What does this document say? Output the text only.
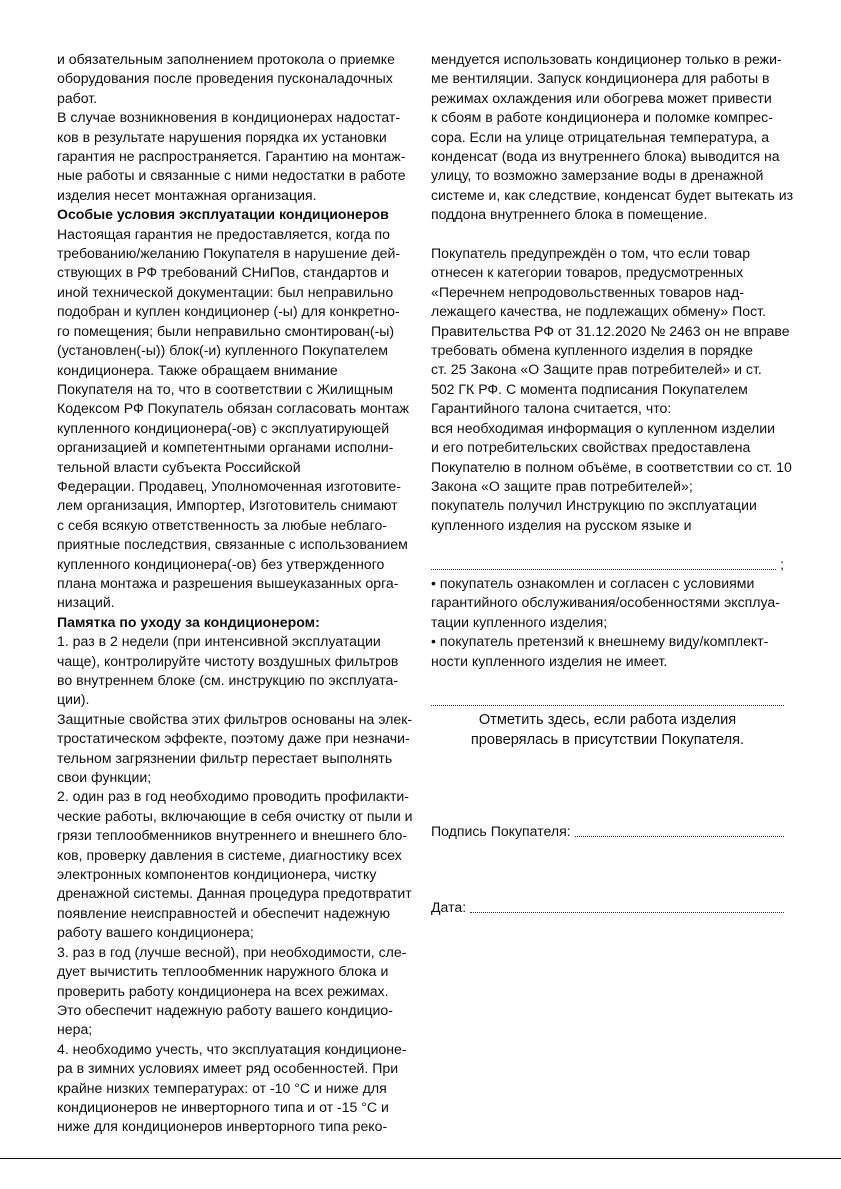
и обязательным заполнением протокола о приемке
оборудования после проведения пусконаладочных
работ.
В случае возникновения в кондиционерах надостат-
ков в результате нарушения порядка их установки
гарантия не распространяется. Гарантию на монтаж-
ные работы и связанные с ними недостатки в работе
изделия несет монтажная организация.
Особые условия эксплуатации кондиционеров
Настоящая гарантия не предоставляется, когда по
требованию/желанию Покупателя в нарушение дей-
ствующих в РФ требований СНиПов, стандартов и
иной технической документации: был неправильно
подобран и куплен кондиционер (-ы) для конкретно-
го помещения; были неправильно смонтирован(-ы)
(установлен(-ы)) блок(-и) купленного Покупателем
кондиционера. Также обращаем внимание
Покупателя на то, что в соответствии с Жилищным
Кодексом РФ Покупатель обязан согласовать монтаж
купленного кондиционера(-ов) с эксплуатирующей
организацией и компетентными органами исполни-
тельной власти субъекта Российской
Федерации. Продавец, Уполномоченная изготовите-
лем организация, Импортер, Изготовитель снимают
с себя всякую ответственность за любые неблаго-
приятные последствия, связанные с использованием
купленного кондиционера(-ов) без утвержденного
плана монтажа и разрешения вышеуказанных орга-
низаций.
Памятка по уходу за кондиционером:
1. раз в 2 недели (при интенсивной эксплуатации
чаще), контролируйте чистоту воздушных фильтров
во внутреннем блоке (см. инструкцию по эксплуата-
ции).
Защитные свойства этих фильтров основаны на элек-
тростатическом эффекте, поэтому даже при незначи-
тельном загрязнении фильтр перестает выполнять
свои функции;
2. один раз в год необходимо проводить профилакти-
ческие работы, включающие в себя очистку от пыли и
грязи теплообменников внутреннего и внешнего бло-
ков, проверку давления в системе, диагностику всех
электронных компонентов кондиционера, чистку
дренажной системы. Данная процедура предотвратит
появление неисправностей и обеспечит надежную
работу вашего кондиционера;
3. раз в год (лучше весной), при необходимости, сле-
дует вычистить теплообменник наружного блока и
проверить работу кондиционера на всех режимах.
Это обеспечит надежную работу вашего кондицио-
нера;
4. необходимо учесть, что эксплуатация кондиционе-
ра в зимних условиях имеет ряд особенностей. При
крайне низких температурах: от -10 °С и ниже для
кондиционеров не инверторного типа и от -15 °С и
ниже для кондиционеров инверторного типа реко-
мендуется использовать кондиционер только в режи-
ме вентиляции. Запуск кондиционера для работы в
режимах охлаждения или обогрева может привести
к сбоям в работе кондиционера и поломке компрес-
сора. Если на улице отрицательная температура, а
конденсат (вода из внутреннего блока) выводится на
улицу, то возможно замерзание воды в дренажной
системе и, как следствие, конденсат будет вытекать из
поддона внутреннего блока в помещение.
Покупатель предупреждён о том, что если товар
отнесен к категории товаров, предусмотренных
«Перечнем непродовольственных товаров над-
лежащего качества, не подлежащих обмену» Пост.
Правительства РФ от 31.12.2020 № 2463 он не вправе
требовать обмена купленного изделия в порядке
ст. 25 Закона «О Защите прав потребителей» и ст.
502 ГК РФ. С момента подписания Покупателем
Гарантийного талона считается, что:
вся необходимая информация о купленном изделии
и его потребительских свойствах предоставлена
Покупателю в полном объёме, в соответствии со ст. 10
Закона «О защите прав потребителей»;
покупатель получил Инструкцию по эксплуатации
купленного изделия на русском языке и
;
• покупатель ознакомлен и согласен с условиями
гарантийного обслуживания/особенностями эксплуа-
тации купленного изделия;
• покупатель претензий к внешнему виду/комплект-
ности купленного изделия не имеет.
Отметить здесь, если работа изделия
проверялась в присутствии Покупателя.
Подпись Покупателя:
Дата:
